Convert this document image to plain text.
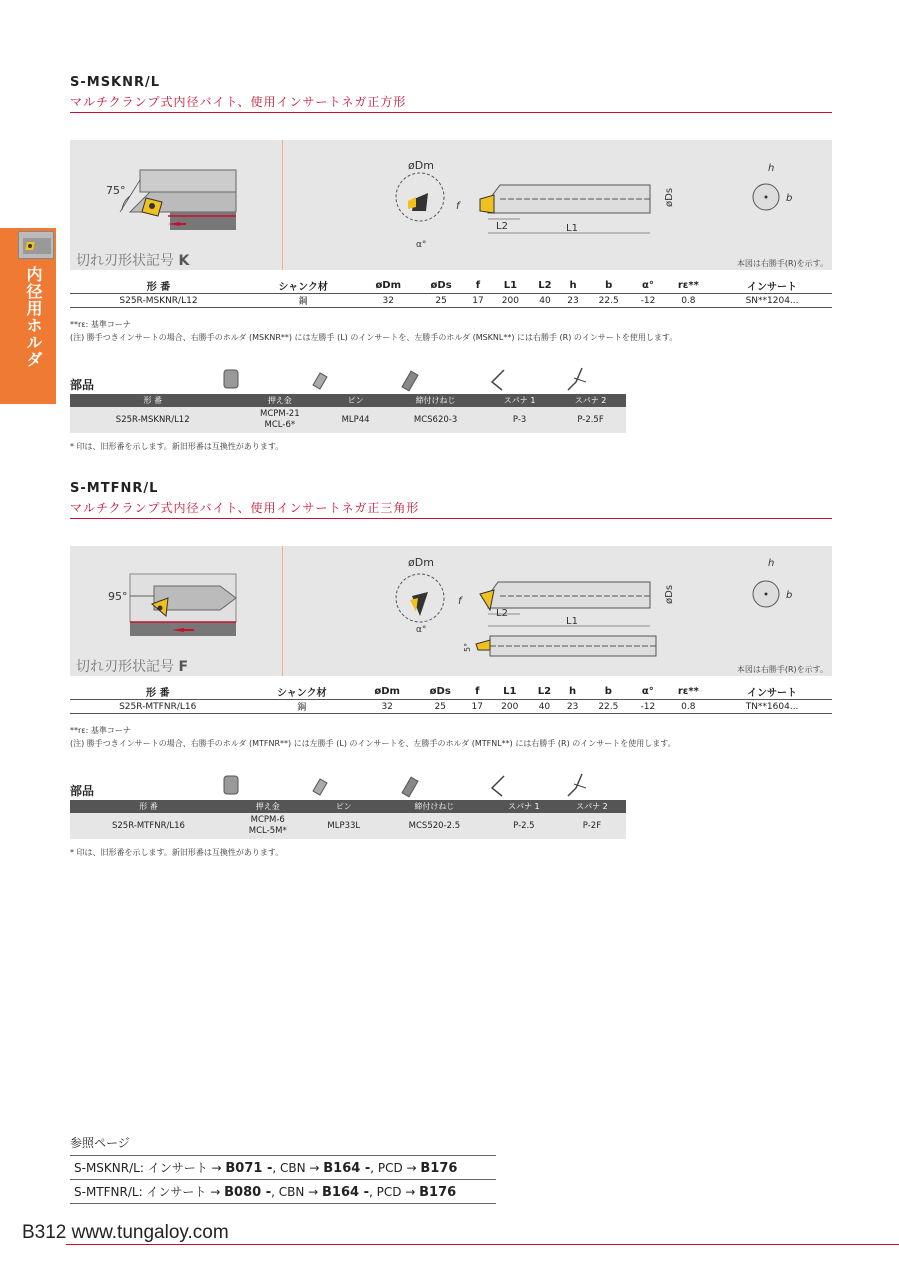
内径用ホルダ
S-MSKNR/L
マルチクランプ式内径バイト、使用インサートネガ正方形
75°
øDm
α°
f
L2	L1
øDs
h
b
切れ刃形状記号 K	本図は右勝手(R)を示す。
形 番	シャンク材	øDm	øDs	f	L1	L2	h	b	α°	rε**	インサート
S25R-MSKNR/L12	鋼	32	25	17	200	40	23	22.5	-12	0.8	SN**1204...
**rε: 基準コーナ
(注) 勝手つきインサートの場合、右勝手のホルダ (MSKNR**) には左勝手 (L) のインサートを、左勝手のホルダ (MSKNL**) には右勝手 (R) のインサートを使用します。
部品
形 番	押え金	ピン	締付けねじ	スパナ 1	スパナ 2
S25R-MSKNR/L12	MCPM-21
MCL-6*	MLP44	MCS620-3	P-3	P-2.5F
* 印は、旧形番を示します。新旧形番は互換性があります。
S-MTFNR/L
マルチクランプ式内径バイト、使用インサートネガ正三角形
95°
øDm
α°
f
L2
L1
øDs
h
b
5°
切れ刃形状記号 F	本図は右勝手(R)を示す。
形 番	シャンク材	øDm	øDs	f	L1	L2	h	b	α°	rε**	インサート
S25R-MTFNR/L16	鋼	32	25	17	200	40	23	22.5	-12	0.8	TN**1604...
**rε: 基準コーナ
(注) 勝手つきインサートの場合、右勝手のホルダ (MTFNR**) には左勝手 (L) のインサートを、左勝手のホルダ (MTFNL**) には右勝手 (R) のインサートを使用します。
部品
形 番	押え金	ピン	締付けねじ	スパナ 1	スパナ 2
S25R-MTFNR/L16	MCPM-6
MCL-5M*	MLP33L	MCS520-2.5	P-2.5	P-2F
* 印は、旧形番を示します。新旧形番は互換性があります。
参照ページ
S-MSKNR/L: インサート → B071 -, CBN → B164 -, PCD → B176
S-MTFNR/L: インサート → B080 -, CBN → B164 -, PCD → B176
B312 www.tungaloy.com
